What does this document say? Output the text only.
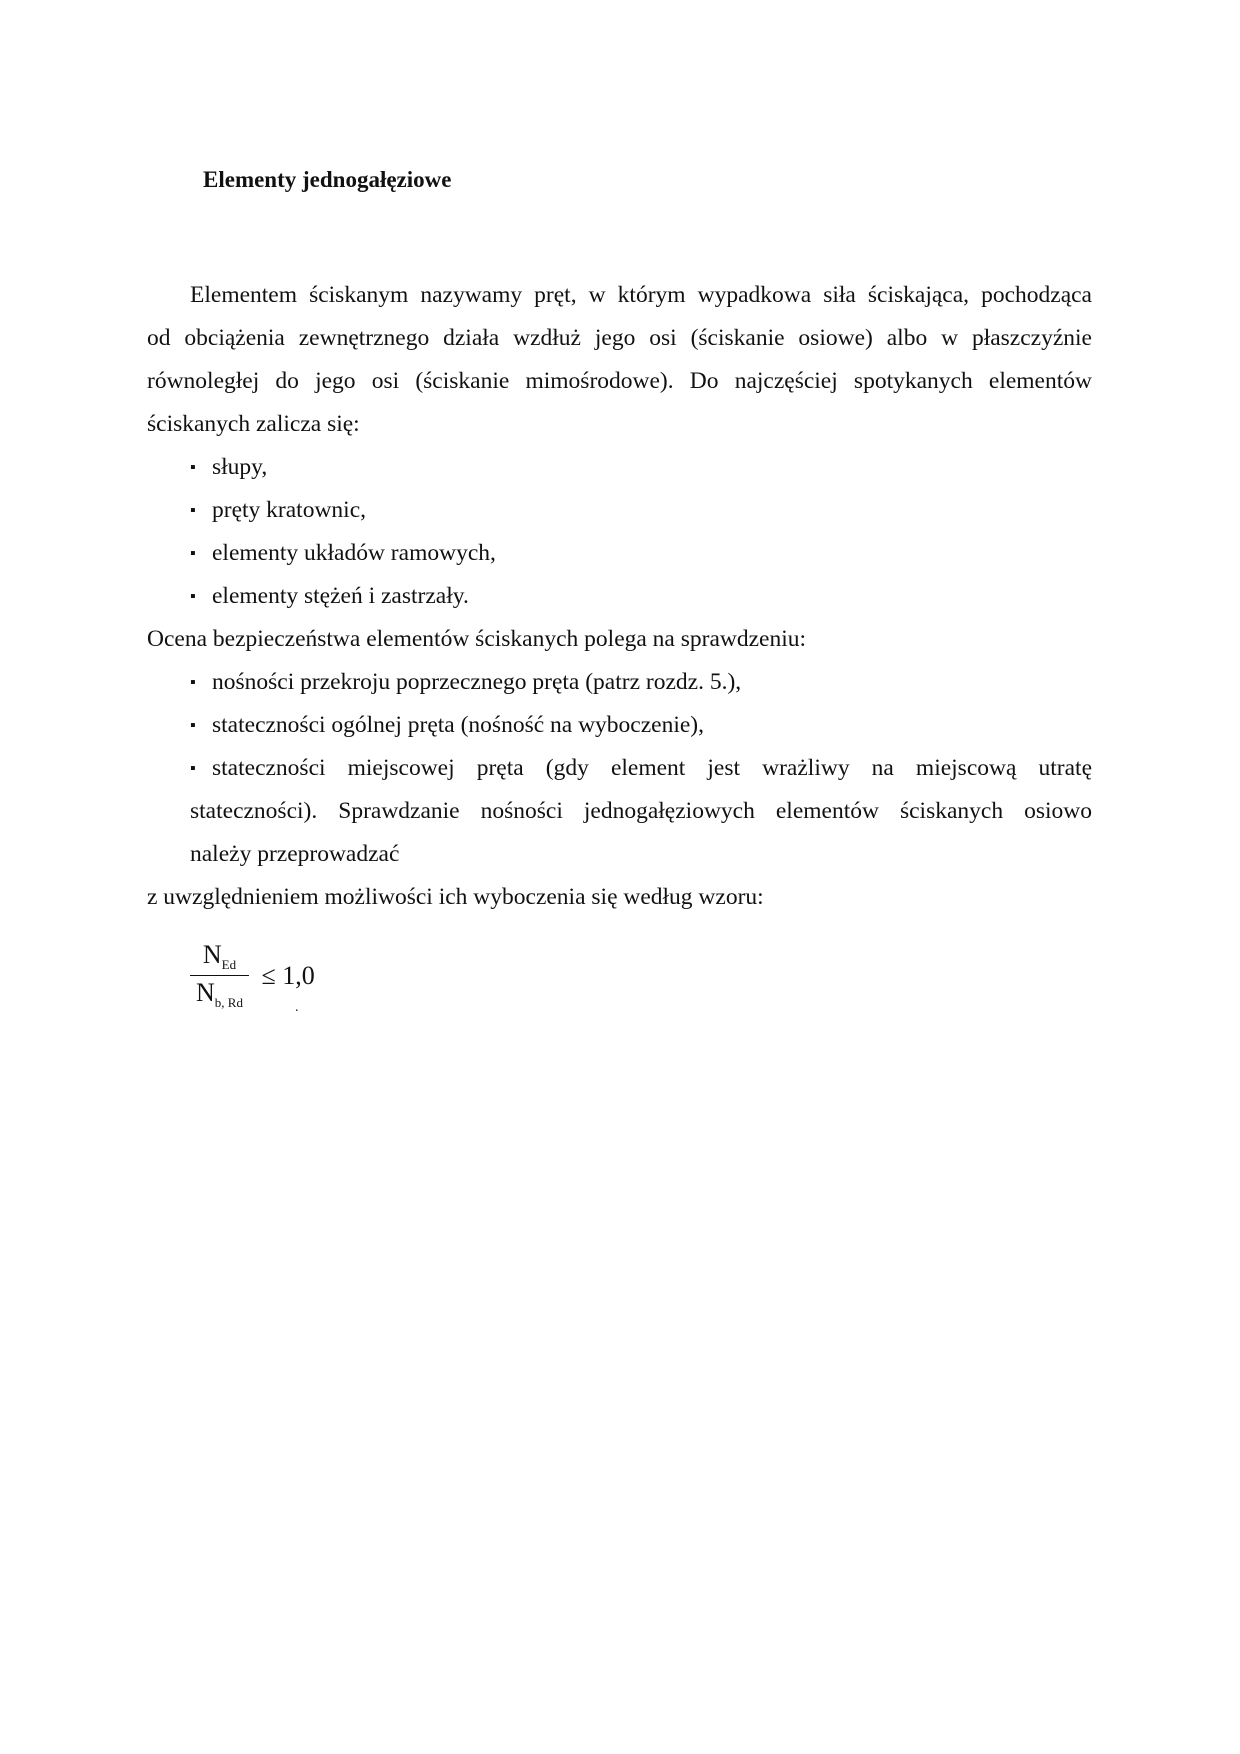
Elementy jednogałęziowe
Elementem ściskanym nazywamy pręt, w którym wypadkowa siła ściskająca, pochodząca
od obciążenia zewnętrznego działa wzdłuż jego osi (ściskanie osiowe) albo w płaszczyźnie
równoległej do jego osi (ściskanie mimośrodowe). Do najczęściej spotykanych elementów
ściskanych zalicza się:
▪ słupy,
▪ pręty kratownic,
▪ elementy układów ramowych,
▪ elementy stężeń i zastrzały.
Ocena bezpieczeństwa elementów ściskanych polega na sprawdzeniu:
▪ nośności przekroju poprzecznego pręta (patrz rozdz. 5.),
▪ stateczności ogólnej pręta (nośność na wyboczenie),
▪ stateczności miejscowej pręta (gdy element jest wrażliwy na miejscową utratę
stateczności). Sprawdzanie nośności jednogałęziowych elementów ściskanych osiowo
należy przeprowadzać
z uwzględnieniem możliwości ich wyboczenia się według wzoru:
$\frac{N_{Ed}}{N_{b, Rd}} \le 1,0$
.
